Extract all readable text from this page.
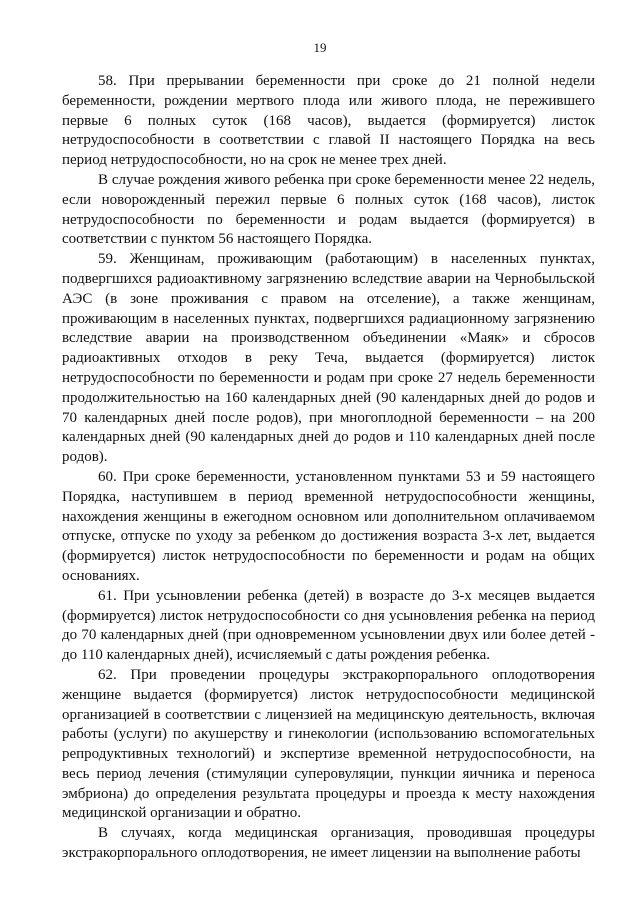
19

58. При прерывании беременности при сроке до 21 полной недели беременности, рождении мертвого плода или живого плода, не пережившего первые 6 полных суток (168 часов), выдается (формируется) листок нетрудоспособности в соответствии с главой II настоящего Порядка на весь период нетрудоспособности, но на срок не менее трех дней.

В случае рождения живого ребенка при сроке беременности менее 22 недель, если новорожденный пережил первые 6 полных суток (168 часов), листок нетрудоспособности по беременности и родам выдается (формируется) в соответствии с пунктом 56 настоящего Порядка.

59. Женщинам, проживающим (работающим) в населенных пунктах, подвергшихся радиоактивному загрязнению вследствие аварии на Чернобыльской АЭС (в зоне проживания с правом на отселение), а также женщинам, проживающим в населенных пунктах, подвергшихся радиационному загрязнению вследствие аварии на производственном объединении «Маяк» и сбросов радиоактивных отходов в реку Теча, выдается (формируется) листок нетрудоспособности по беременности и родам при сроке 27 недель беременности продолжительностью на 160 календарных дней (90 календарных дней до родов и 70 календарных дней после родов), при многоплодной беременности – на 200 календарных дней (90 календарных дней до родов и 110 календарных дней после родов).

60. При сроке беременности, установленном пунктами 53 и 59 настоящего Порядка, наступившем в период временной нетрудоспособности женщины, нахождения женщины в ежегодном основном или дополнительном оплачиваемом отпуске, отпуске по уходу за ребенком до достижения возраста 3-х лет, выдается (формируется) листок нетрудоспособности по беременности и родам на общих основаниях.

61. При усыновлении ребенка (детей) в возрасте до 3-х месяцев выдается (формируется) листок нетрудоспособности со дня усыновления ребенка на период до 70 календарных дней (при одновременном усыновлении двух или более детей - до 110 календарных дней), исчисляемый с даты рождения ребенка.

62. При проведении процедуры экстракорпорального оплодотворения женщине выдается (формируется) листок нетрудоспособности медицинской организацией в соответствии с лицензией на медицинскую деятельность, включая работы (услуги) по акушерству и гинекологии (использованию вспомогательных репродуктивных технологий) и экспертизе временной нетрудоспособности, на весь период лечения (стимуляции суперовуляции, пункции яичника и переноса эмбриона) до определения результата процедуры и проезда к месту нахождения медицинской организации и обратно.

В случаях, когда медицинская организация, проводившая процедуры экстракорпорального оплодотворения, не имеет лицензии на выполнение работы
